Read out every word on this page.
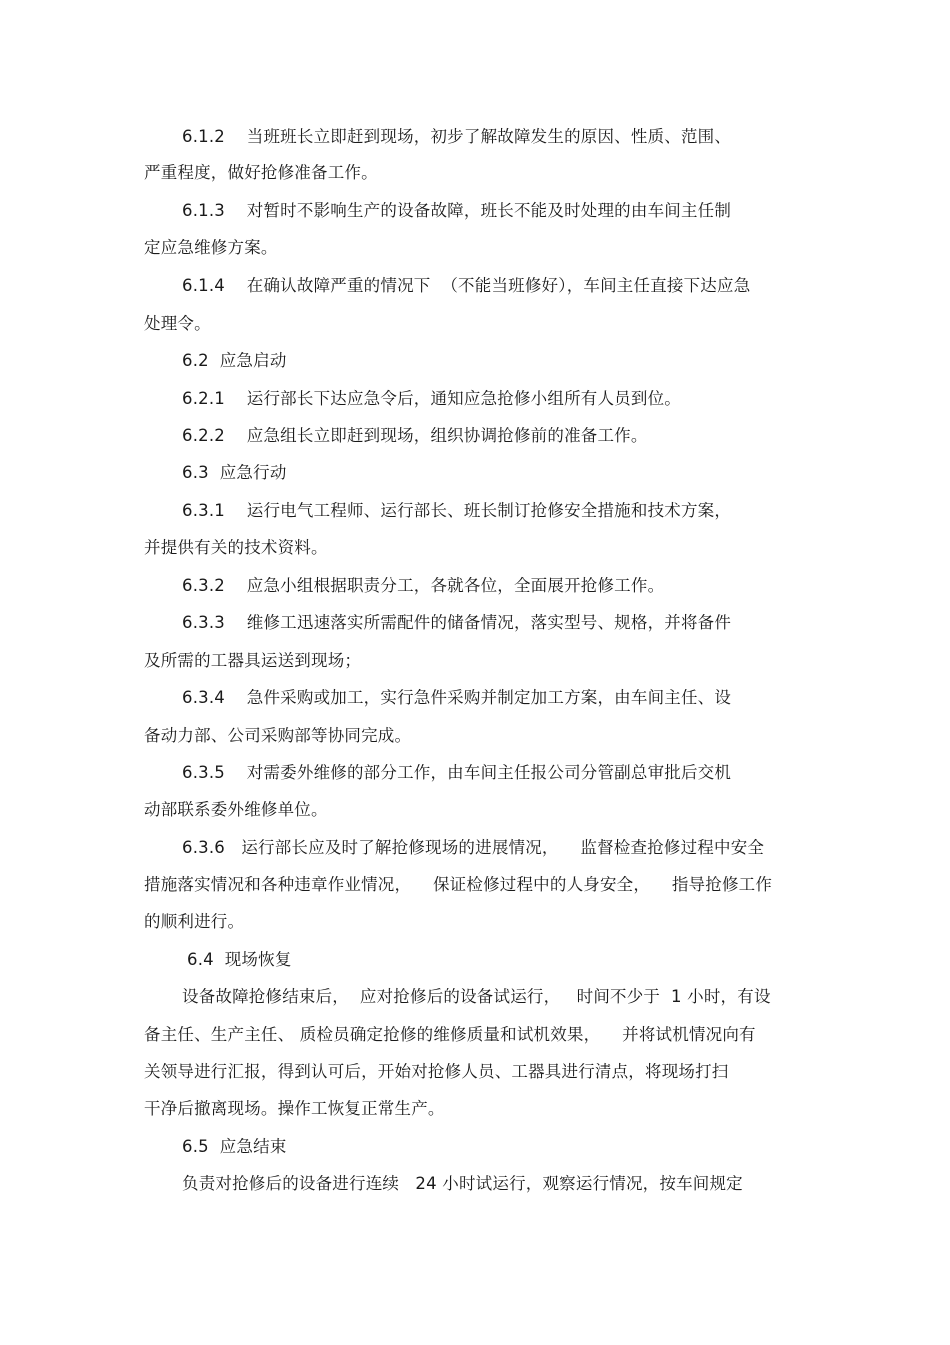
6.1.2    当班班长立即赶到现场，初步了解故障发生的原因、性质、范围、
严重程度，做好抢修准备工作。
6.1.3    对暂时不影响生产的设备故障，班长不能及时处理的由车间主任制
定应急维修方案。
6.1.4    在确认故障严重的情况下  （不能当班修好），车间主任直接下达应急
处理令。
6.2  应急启动
6.2.1    运行部长下达应急令后，通知应急抢修小组所有人员到位。
6.2.2    应急组长立即赶到现场，组织协调抢修前的准备工作。
6.3  应急行动
6.3.1    运行电气工程师、运行部长、班长制订抢修安全措施和技术方案，
并提供有关的技术资料。
6.3.2    应急小组根据职责分工，各就各位，全面展开抢修工作。
6.3.3    维修工迅速落实所需配件的储备情况，落实型号、规格，并将备件
及所需的工器具运送到现场；
6.3.4    急件采购或加工，实行急件采购并制定加工方案，由车间主任、设
备动力部、公司采购部等协同完成。
6.3.5    对需委外维修的部分工作，由车间主任报公司分管副总审批后交机
动部联系委外维修单位。
6.3.6   运行部长应及时了解抢修现场的进展情况，    监督检查抢修过程中安全
措施落实情况和各种违章作业情况，    保证检修过程中的人身安全，    指导抢修工作
的顺利进行。
6.4  现场恢复
设备故障抢修结束后，  应对抢修后的设备试运行，   时间不少于  1 小时，有设
备主任、生产主任、 质检员确定抢修的维修质量和试机效果，    并将试机情况向有
关领导进行汇报，得到认可后，开始对抢修人员、工器具进行清点，将现场打扫
干净后撤离现场。操作工恢复正常生产。
6.5  应急结束
负责对抢修后的设备进行连续   24 小时试运行，观察运行情况，按车间规定
